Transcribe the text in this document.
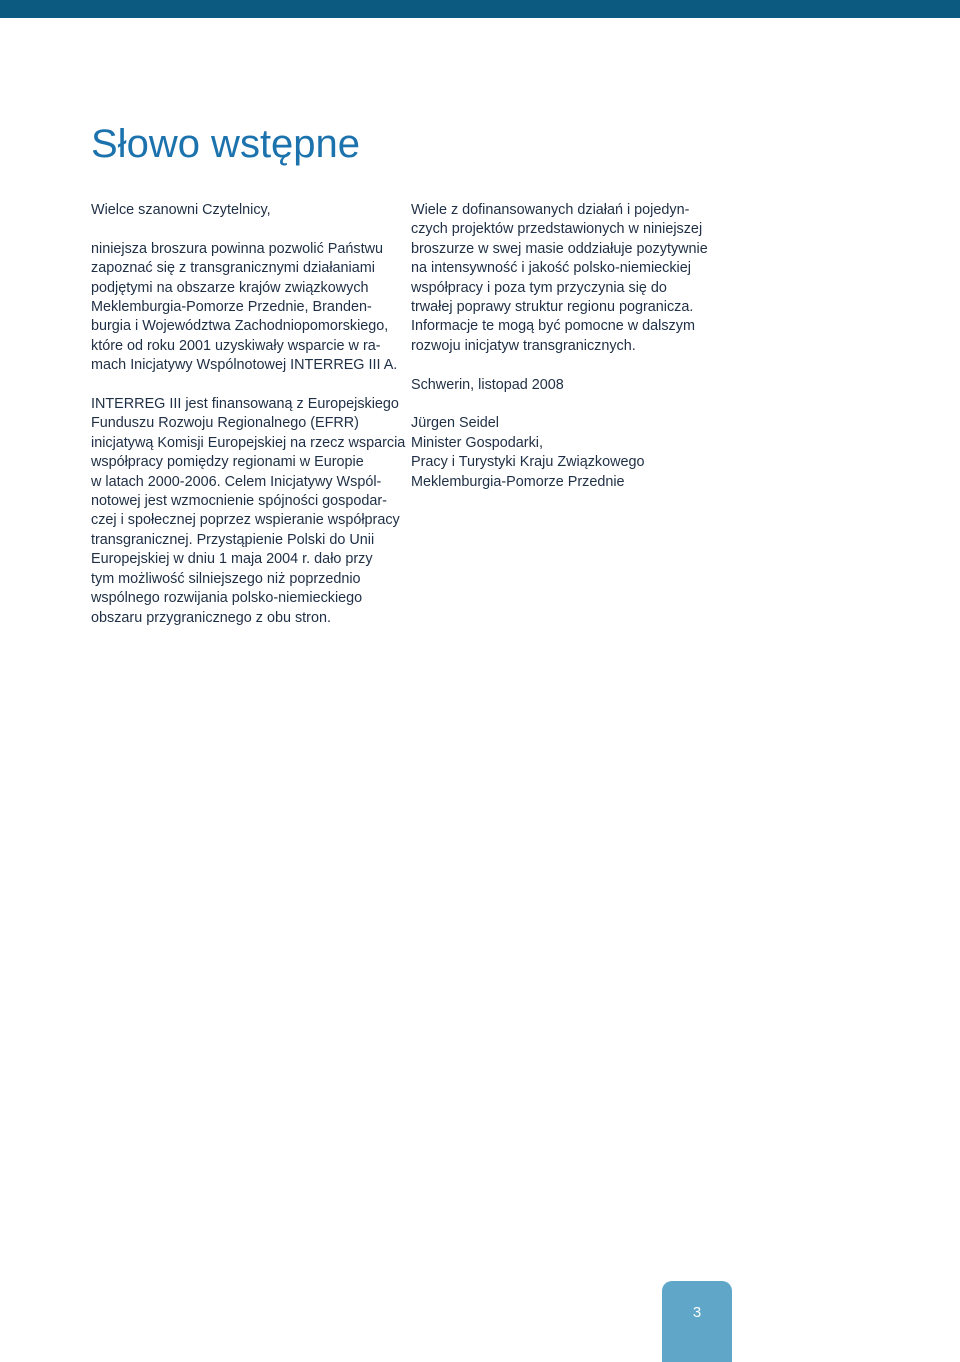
Słowo wstępne
Wielce szanowni Czytelnicy,
niniejsza broszura powinna pozwolić Państwu
zapoznać się z transgranicznymi działaniami
podjętymi na obszarze krajów związkowych
Meklemburgia-Pomorze Przednie, Branden-
burgia i Województwa Zachodniopomorskiego,
które od roku 2001 uzyskiwały wsparcie w ra-
mach Inicjatywy Wspólnotowej INTERREG III A.
INTERREG III jest finansowaną z Europejskiego
Funduszu Rozwoju Regionalnego (EFRR)
inicjatywą Komisji Europejskiej na rzecz wsparcia
współpracy pomiędzy regionami w Europie
w latach 2000-2006. Celem Inicjatywy Wspól-
notowej jest wzmocnienie spójności gospodar-
czej i społecznej poprzez wspieranie współpracy
transgranicznej. Przystąpienie Polski do Unii
Europejskiej w dniu 1 maja 2004 r. dało przy
tym możliwość silniejszego niż poprzednio
wspólnego rozwijania polsko-niemieckiego
obszaru przygranicznego z obu stron.
Wiele z dofinansowanych działań i pojedyn-
czych projektów przedstawionych w niniejszej
broszurze w swej masie oddziałuje pozytywnie
na intensywność i jakość polsko-niemieckiej
współpracy i poza tym przyczynia się do
trwałej poprawy struktur regionu pogranicza.
Informacje te mogą być pomocne w dalszym
rozwoju inicjatyw transgranicznych.
Schwerin, listopad 2008
Jürgen Seidel
Minister Gospodarki,
Pracy i Turystyki Kraju Związkowego
Meklemburgia-Pomorze Przednie
3
